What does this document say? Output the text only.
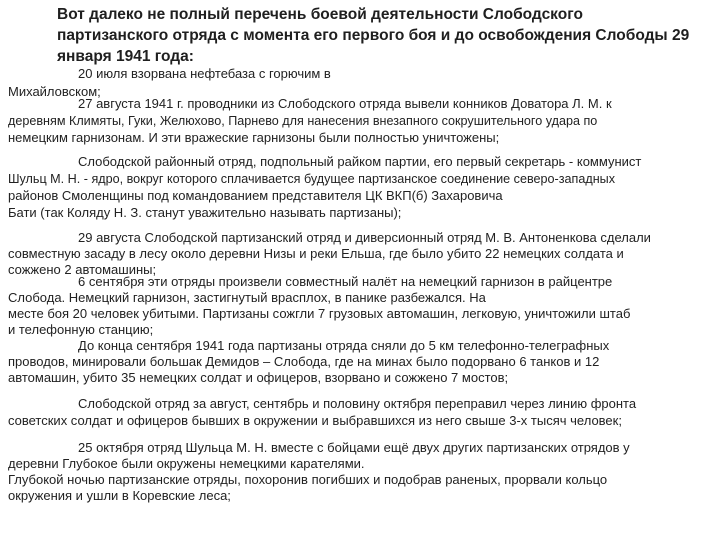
Вот далеко не полный перечень боевой деятельности Слободского
партизанского отряда с момента его первого боя и до освобождения Слободы 29
января 1941 года:
20 июля взорвана нефтебаза с горючим в
Михайловском;
27 августа 1941 г. проводники из Слободского отряда вывели конников Доватора Л. М. к
деревням Климяты, Гуки, Желюхово, Парнево для нанесения внезапного сокрушительного удара по
немецким гарнизонам. И эти вражеские гарнизоны были полностью уничтожены;
Слободской районный отряд, подпольный райком партии, его первый секретарь - коммунист
Шульц М. Н. - ядро, вокруг которого сплачивается будущее партизанское соединение северо-западных
районов Смоленщины под командованием представителя ЦК ВКП(б) Захаровича
Бати (так Коляду Н. З. станут уважительно называть партизаны);
29 августа Слободской партизанский отряд и диверсионный отряд М. В. Антоненкова сделали
совместную засаду в лесу около деревни Низы и реки Ельша, где было убито 22 немецких солдата и
сожжено 2 автомашины;
6 сентября эти отряды произвели совместный налёт на немецкий гарнизон в райцентре
Слобода. Немецкий гарнизон, застигнутый врасплох, в панике разбежался. На
месте боя 20 человек убитыми. Партизаны сожгли 7 грузовых автомашин, легковую, уничтожили штаб
и телефонную станцию;
До конца сентября 1941 года партизаны отряда сняли до 5 км телефонно-телеграфных
проводов, минировали большак Демидов – Слобода, где на минах было подорвано 6 танков и 12
автомашин, убито 35 немецких солдат и офицеров, взорвано и сожжено 7 мостов;
Слободской отряд за август, сентябрь и половину октября переправил через линию фронта
советских солдат и офицеров бывших в окружении и выбравшихся из него свыше 3-х тысяч человек;
25 октября отряд Шульца М. Н. вместе с бойцами ещё двух других партизанских отрядов у
деревни Глубокое были окружены немецкими карателями.
Глубокой ночью партизанские отряды, похоронив погибших и подобрав раненых, прорвали кольцо
окружения и ушли в Коревские леса;
